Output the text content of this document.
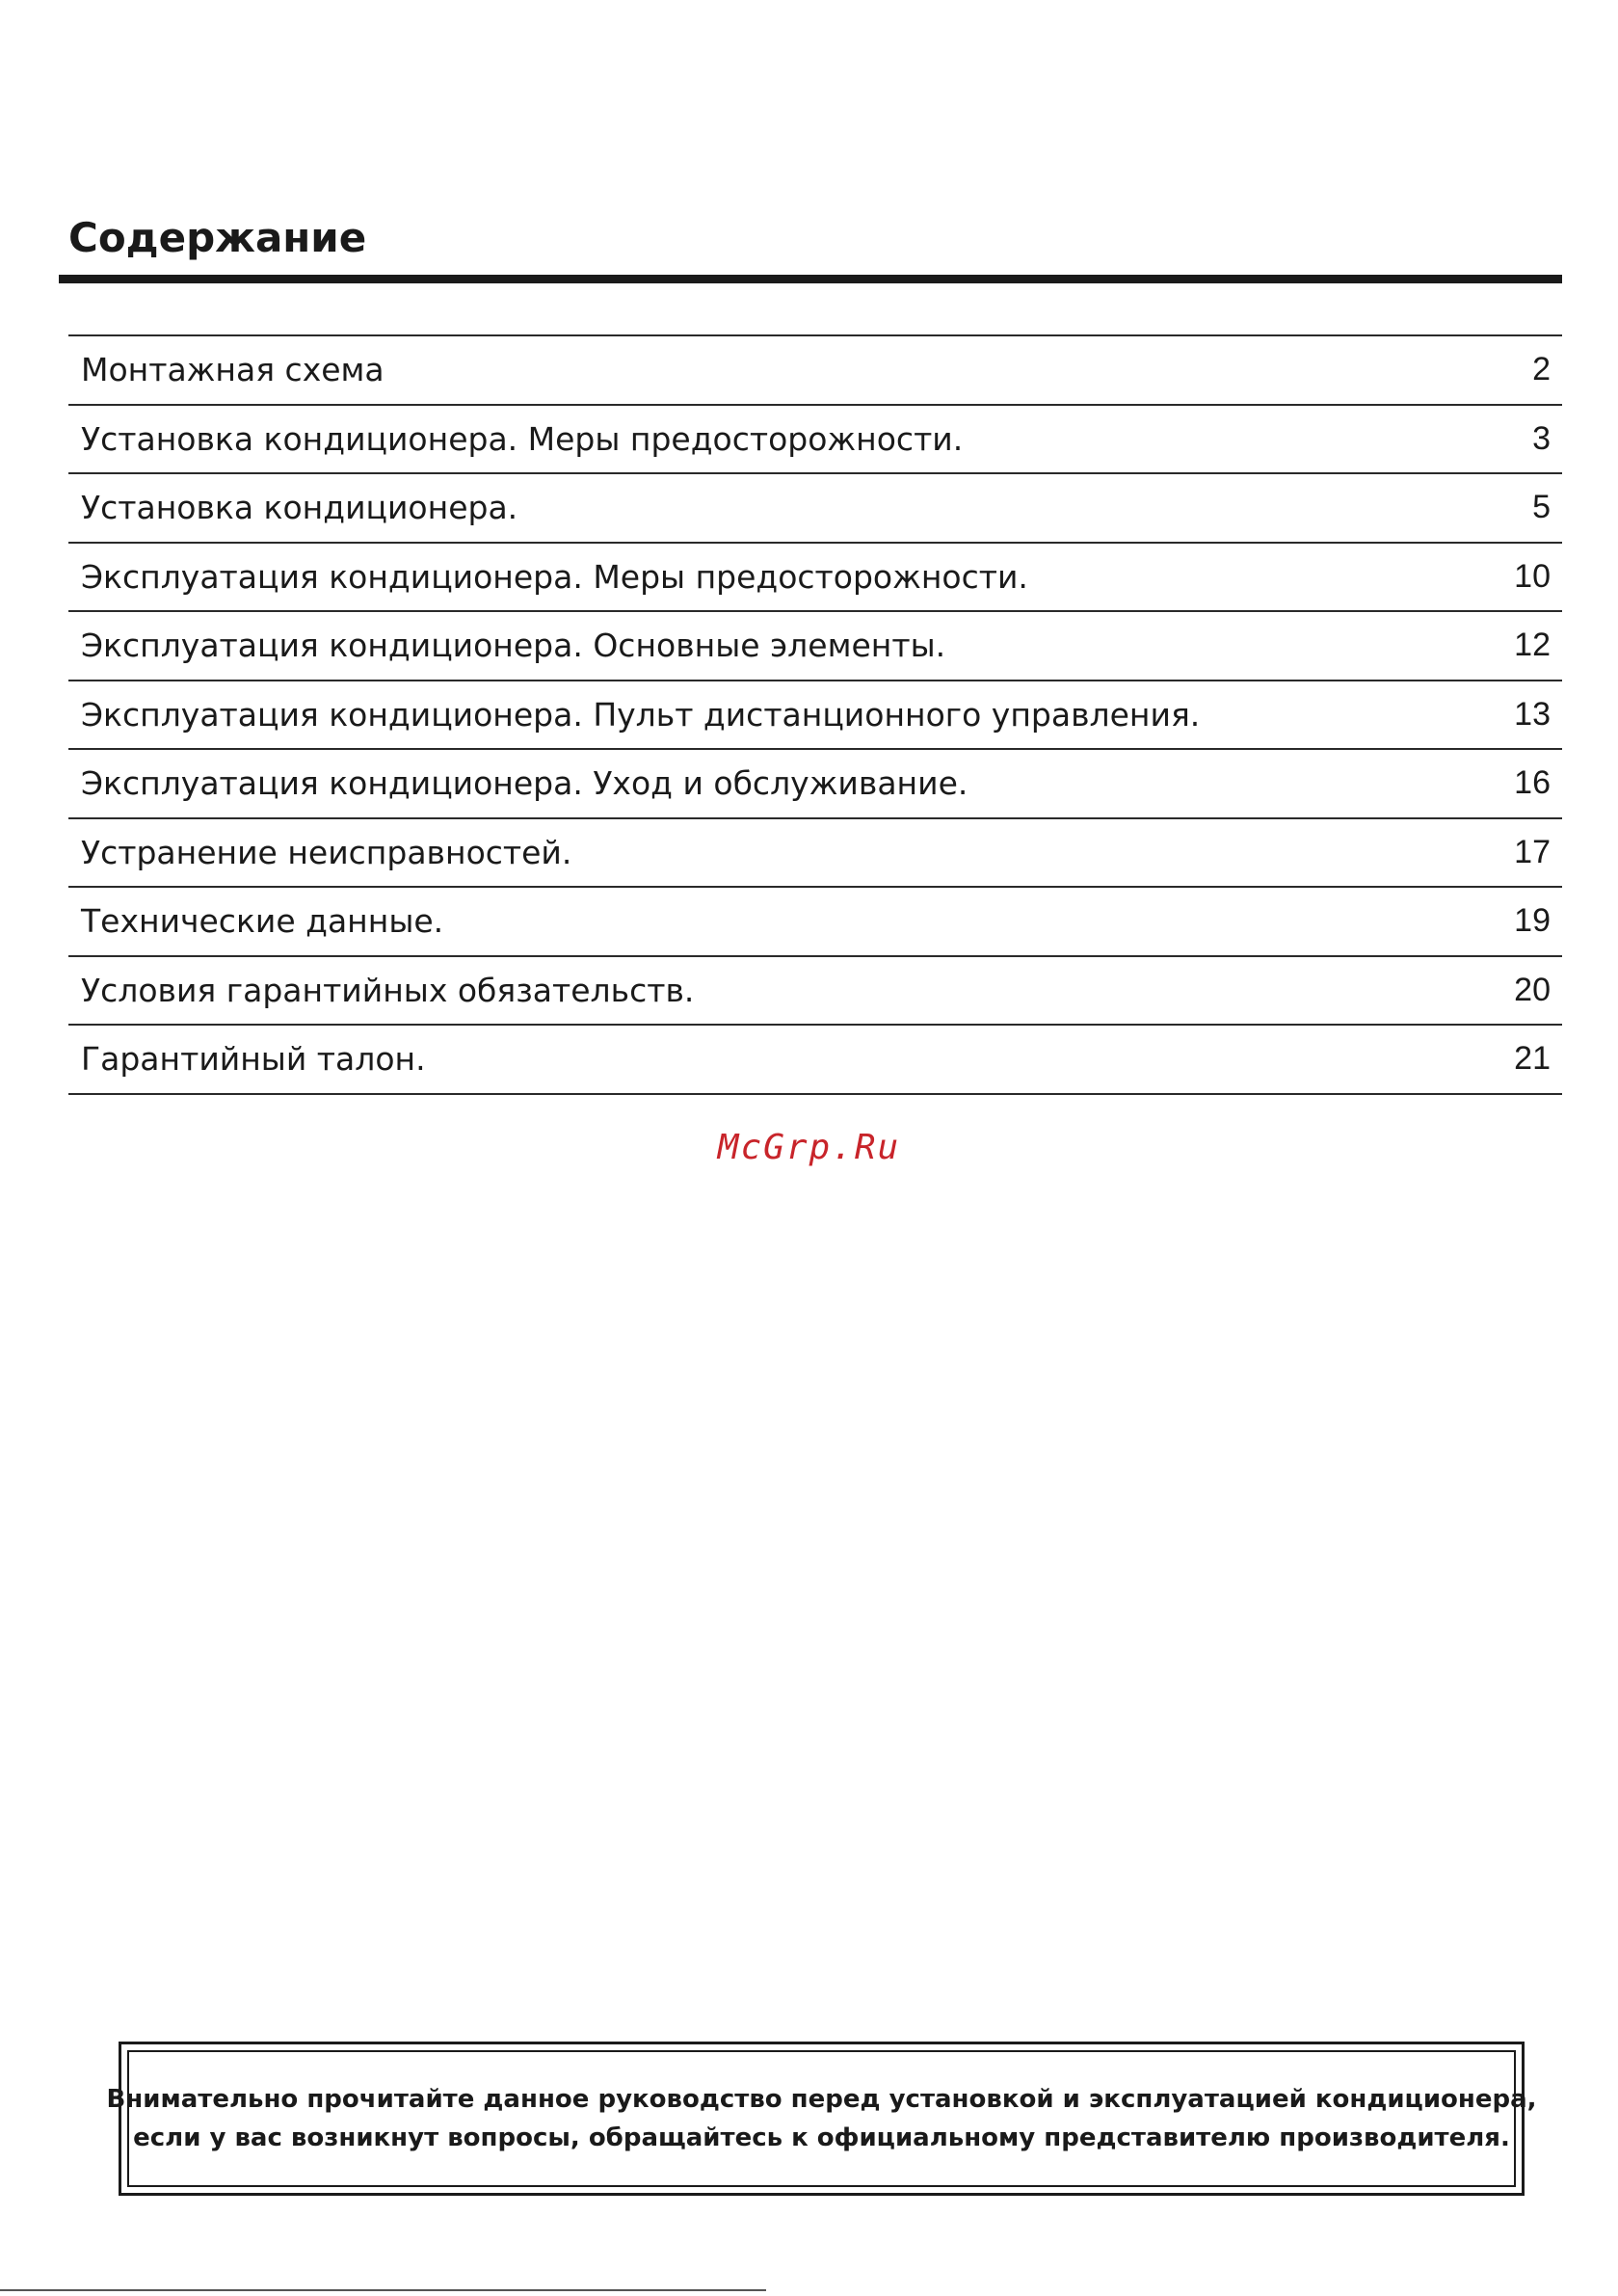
Содержание
Монтажная схема	2
Установка кондиционера. Меры предосторожности.	3
Установка кондиционера.	5
Эксплуатация кондиционера. Меры предосторожности.	10
Эксплуатация кондиционера. Основные элементы.	12
Эксплуатация кондиционера. Пульт дистанционного управления.	13
Эксплуатация кондиционера. Уход и обслуживание.	16
Устранение неисправностей.	17
Технические данные.	19
Условия гарантийных обязательств.	20
Гарантийный талон.	21
McGrp.Ru
Внимательно прочитайте данное руководство перед установкой и эксплуатацией кондиционера,
если у вас возникнут вопросы, обращайтесь к официальному представителю производителя.
